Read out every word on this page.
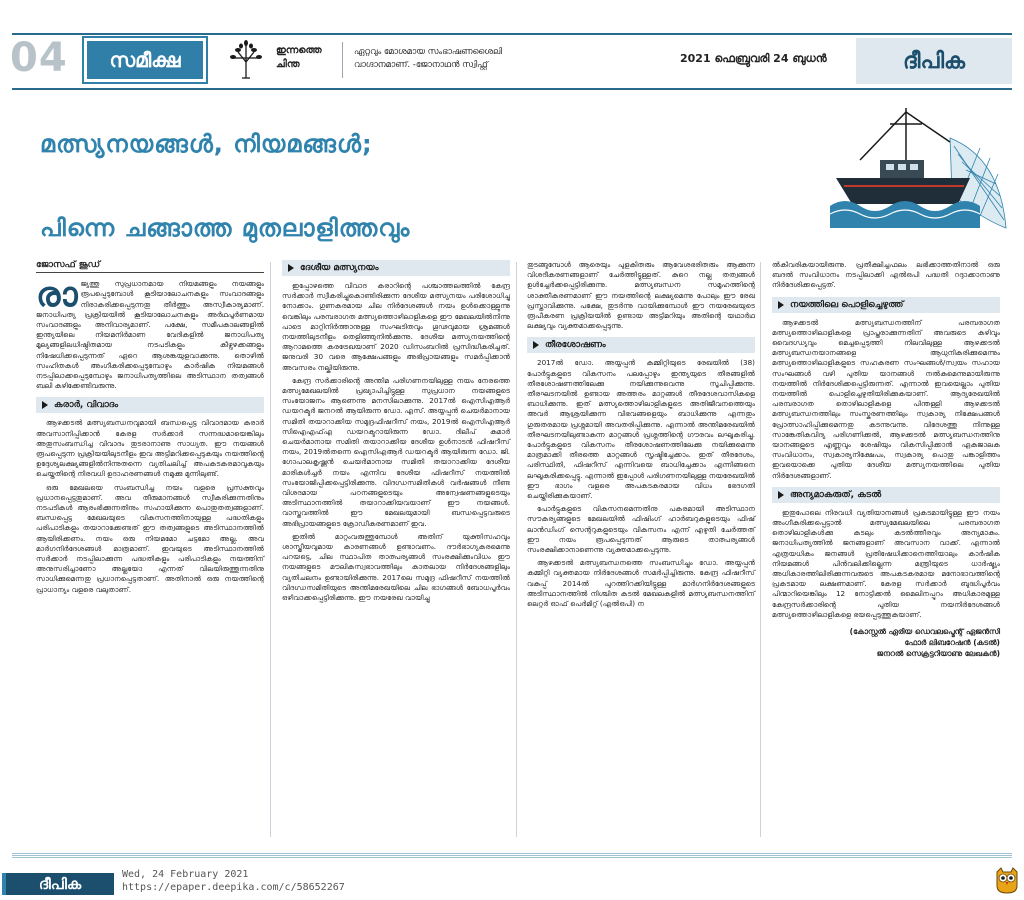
04	സമീക്ഷ	ഇന്നത്തെ
ചിന്ത
ഏറ്റവും മോശമായ സംഭാഷണശൈലി
വാഗ്ദാനമാണ്. -ജോനാഥൻ സ്വിഫ്റ്റ്	2021 ഫെബ്രുവരി 24 ബുധൻ	ദീപിക
മത്സ്യനയങ്ങൾ, നിയമങ്ങൾ;
പിന്നെ ചങ്ങാത്ത മുതലാളിത്തവും
ജോസഫ് ജൂഡ്

രാജ്യത്തു സുപ്രധാനമായ നിയമങ്ങളും നയങ്ങളും രൂപപ്പെടുമ്പോൾ കൂടിയാലോചനകളും സംവാദങ്ങളും നിരാകരിക്കപ്പെടുന്നതു തീർത്തും അസ്വീകാര്യമാണ്. ജനാധിപത്യ പ്രക്രിയയിൽ കൂടിയാലോചനകളും അർഥപൂർണമായ സംവാദങ്ങളും അനിവാര്യമാണ്. പക്ഷേ, സമീപകാലങ്ങളിൽ ഇന്ത്യയിലെ നിയമനിർമാണ വേദികളിൽ ജനാധിപത്യ മൂല്യങ്ങളിലധിഷ്ഠിതമായ നടപടികളും കീഴ്വഴക്കങ്ങളും നിഷേധിക്കപ്പെടുന്നത് ഏറെ ആശങ്കയുളവാക്കുന്നു. തൊഴിൽ സംഹിതകൾ അംഗീകരിക്കപ്പെടുമ്പോഴും കാർഷിക നിയമങ്ങൾ നടപ്പിലാക്കപ്പെടുമ്പോഴും ജനാധിപത്യത്തിലെ അടിസ്ഥാന തത്വങ്ങൾ ബലി കഴിക്കേണ്ടിവരുന്നു.

കരാർ, വിവാദം

ആഴക്കടൽ മത്സ്യബന്ധനവുമായി ബന്ധപ്പെട്ട വിവാദമായ കരാർ അവസാനിപ്പിക്കാൻ കേരള സർക്കാർ സന്നദ്ധമായെങ്കിലും അതുസംബന്ധിച്ച വിവാദം തുടരാനാണു സാധ്യത. ഈ നയങ്ങൾ രൂപപ്പെടുന്ന പ്രക്രിയയിലുടനീളം ഇവ അട്ടിമറിക്കപ്പെടുകയും നയത്തിന്റെ ഉദ്ദേശ്യലക്ഷ്യങ്ങളിൽനിന്നുതന്നെ വ്യതിചലിച്ച് അപകടകരമാവുകയും ചെയ്തതിന്റെ നിരവധി ഉദാഹരണങ്ങൾ നമുക്കു മുന്നിലുണ്ട്.

ഒരു മേഖലയെ സംബന്ധിച്ച നയം വളരെ പ്രസക്തവും പ്രധാനപ്പെട്ടതുമാണ്. അവ തീരുമാനങ്ങൾ സ്വീകരിക്കുന്നതിനും നടപടികൾ ആരംഭിക്കുന്നതിനും സഹായിക്കുന്ന പൊതുതത്വങ്ങളാണ്. ബന്ധപ്പെട്ട മേഖലയുടെ വികസനത്തിനായുള്ള പദ്ധതികളും പരിപാടികളും തയാറാക്കേണ്ടത് ഈ തത്വങ്ങളുടെ അടിസ്ഥാനത്തിൽ ആയിരിക്കണം. നയം ഒരു നിയമമോ ചട്ടമോ അല്ല. അവ മാർഗനിർദേശങ്ങൾ മാത്രമാണ്. ഇവയുടെ അടിസ്ഥാനത്തിൽ സർക്കാർ നടപ്പിലാക്കുന്ന പദ്ധതികളും പരിപാടികളും നയത്തിന് അനുസരിച്ചാണോ അല്ലയോ എന്നത് വിലയിരുത്തുന്നതിനു സാധിക്കുമെന്നതു പ്രധാനപ്പെട്ടതാണ്. അതിനാൽ ഒരു നയത്തിന്റെ പ്രാധാന്യം വളരെ വലുതാണ്.

ദേശീയ മത്സ്യനയം

ഇപ്പോഴത്തെ വിവാദ കരാറിന്റെ പശ്ചാത്തലത്തിൽ കേന്ദ്ര സർക്കാർ സ്വീകരിച്ചുകൊണ്ടിരിക്കുന്ന ദേശീയ മത്സ്യനയം പരിശോധിച്ചു നോക്കാം. ഗുണകരമായ ചില നിർദേശങ്ങൾ നയം ഉൾക്കൊള്ളുന്നു വെങ്കിലും പരമ്പരാഗത മത്സ്യത്തൊഴിലാളികളെ ഈ മേഖലയിൽനിന്നു പാടെ മാറ്റിനിർത്താനുള്ള സംഘടിതവും ഗൂഢവുമായ ശ്രമങ്ങൾ നയത്തിലുടനീളം തെളിഞ്ഞുനിൽക്കുന്നു. ദേശീയ മത്സ്യനയത്തിന്റെ ആറാമത്തെ കരട്രേഖയാണ് 2020 ഡിസംബറിൽ പ്രസിദ്ധീകരിച്ചത്. ജനുവരി 30 വരെ ആക്ഷേപങ്ങളും അഭിപ്രായങ്ങളും സമർപ്പിക്കാൻ അവസരം നല്കിയിരുന്നു.

കേന്ദ്ര സർക്കാരിന്റെ അന്തിമ പരിഗണനയിലുള്ള നയം നേരത്തെ മത്സ്യമേഖലയിൽ പ്രഖ്യാപിച്ചിട്ടുള്ള സുപ്രധാന നയങ്ങളുടെ സംയോജനം ആണെന്നു മനസിലാക്കുന്നു. 2017ൽ ഐസിഎആർ ഡയറക്ടർ ജനറൽ ആയിരുന്ന ഡോ. എസ്. അയ്യപ്പൻ ചെയർമാനായ സമിതി തയാറാക്കിയ സമുദ്രഫിഷറീസ് നയം, 2019ൽ ഐസിഎആർ സിഐഎഫ്എ ഡയറക്ടറായിരുന്ന ഡോ. ദിലീപ് കുമാർ ചെയർമാനായ സമിതി തയാറാക്കിയ ദേശീയ ഉൾനാടൻ ഫിഷറീസ് നയം, 2019ൽതന്നെ ഐസിഎആർ ഡയറക്ടർ ആയിരുന്ന ഡോ. ജി. ഗോപാലകൃഷ്ണൻ ചെയർമാനായ സമിതി തയാറാക്കിയ ദേശീയ മാരികൾച്ചർ നയം എന്നിവ ദേശീയ ഫിഷറീസ് നയത്തിൽ സംയോജിപ്പിക്കപ്പെട്ടിരിക്കുന്നു. വിദഗ്ധസമിതികൾ വർഷങ്ങൾ നീണ്ട വിശദമായ പഠനങ്ങളുടെയും അന്വേഷണങ്ങളുടെയും അടിസ്ഥാനത്തിൽ തയാറാക്കിയവയാണ് ഈ നയങ്ങൾ. വാസ്തവത്തിൽ ഈ മേഖലയുമായി ബന്ധപ്പെട്ടവരുടെ അഭിപ്രായങ്ങളുടെ ക്രോഡീകരണമാണ് ഇവ.

ഇതിൽ മാറ്റംവരുത്തുമ്പോൾ അതിന് യുക്തിസഹവും ശാസ്ത്രീയവുമായ കാരണങ്ങൾ ഉണ്ടാവണം. ദൗർഭാഗ്യകരമെന്നു പറയട്ടെ, ചില സ്ഥാപിത താത്പര്യങ്ങൾ സംരക്ഷിക്കുംവിധം ഈ നയങ്ങളുടെ മൗലികസ്വഭാവത്തിലും കാതലായ നിർദേശങ്ങളിലും വ്യതിചലനം ഉണ്ടായിരിക്കുന്നു. 2017ലെ സമുദ്ര ഫിഷറീസ് നയത്തിൽ വിദഗ്ധസമിതിയുടെ അന്തിമരേഖയിലെ ചില ഭാഗങ്ങൾ ബോധപൂർവം ഒഴിവാക്കപ്പെട്ടിരിക്കുന്നു. ഈ നയരേഖ വായിച്ചു

തുടങ്ങുമ്പോൾ ആരെയും പുളകിതരും ആവേശഭരിതരും ആക്കുന്ന വിശദീകരണങ്ങളാണ് ചേർത്തിട്ടുള്ളത്. കുറെ നല്ല തത്വങ്ങൾ ഉൾച്ചേർക്കപ്പെട്ടിരിക്കുന്നു. മത്സ്യബന്ധന സമൂഹത്തിന്റെ ശാക്തീകരണമാണ് ഈ നയത്തിന്റെ ലക്ഷ്യമെന്നു പോലും ഈ രേഖ പ്രസ്താവിക്കുന്നു. പക്ഷേ, തുടർന്നു വായിക്കുമ്പോൾ ഈ നയരേഖയുടെ രൂപീകരണ പ്രക്രിയയിൽ ഉണ്ടായ അട്ടിമറിയും അതിന്റെ യഥാർഥ ലക്ഷ്യവും വ്യക്തമാക്കപ്പെടുന്നു.

തീരശോഷണം

2017ൽ ഡോ. അയ്യപ്പൻ കമ്മിറ്റിയുടെ രേഖയിൽ (38) പോർട്ടുകളുടെ വികസനം പലപ്പോഴും ഇന്ത്യയുടെ തീരങ്ങളിൽ തീരശോഷണത്തിലേക്കു നയിക്കുന്നുവെന്നു സൂചിപ്പിക്കുന്നു. തീരഘടനയിൽ ഉണ്ടായ അത്തരം മാറ്റങ്ങൾ തീരദേശവാസികളെ ബാധിക്കുന്നു. ഇത് മത്സ്യത്തൊഴിലാളികളുടെ അതിജീവനത്തെയും അവർ ആശ്രയിക്കുന്ന വിഭവങ്ങളെയും ബാധിക്കുന്നു എന്നതും ഗുരുതരമായ പ്രശ്നമായി അവതരിപ്പിക്കുന്നു. എന്നാൽ അന്തിമരേഖയിൽ തീരഘടനയിലുണ്ടാകുന്ന മാറ്റങ്ങൾ പ്രശ്നത്തിന്റെ ഗൗരവം ലഘൂകരിച്ചു. പോർട്ടുകളുടെ വികസനം തീരശോഷണത്തിലേക്കു നയിക്കുമെന്നു മാത്രമാക്കി തീരത്തെ മാറ്റങ്ങൾ സൃഷ്ടിച്ചേക്കാം. ഇത് തീരദേശം, പരിസ്ഥിതി, ഫിഷറീസ് എന്നിവയെ ബാധിച്ചേക്കാം എന്നിങ്ങനെ ലഘൂകരിക്കപ്പെട്ടു. എന്നാൽ ഇപ്പോൾ പരിഗണനയിലുള്ള നയരേഖയിൽ ഈ ഭാഗം വളരെ അപകടകരമായ വിധം ഭേദഗതി ചെയ്തിരിക്കുകയാണ്.

പോർട്ടുകളുടെ വികസനമെന്നതിനു പകരമായി അടിസ്ഥാന സൗകര്യങ്ങളുടെ മേഖലയിൽ ഫിഷിംഗ് ഹാർബറുകളുടെയും ഫിഷ് ലാൻഡിംഗ് സെന്ററുകളുടെയും വികസനം എന്ന് എഴുതി ചേർത്തത് ഈ നയം രൂപപ്പെടുന്നത് ആരുടെ താത്പര്യങ്ങൾ സംരക്ഷിക്കാനാണെന്നു വ്യക്തമാക്കപ്പെടുന്നു.

ആഴക്കടൽ മത്സ്യബന്ധനത്തെ സംബന്ധിച്ചും ഡോ. അയ്യപ്പൻ കമ്മിറ്റി വ്യക്തമായ നിർദേശങ്ങൾ സമർപ്പിച്ചിരുന്നു. കേന്ദ്ര ഫിഷറീസ് വകുപ്പ് 2014ൽ പുറത്തിറക്കിയിട്ടുള്ള മാർഗനിർദേശങ്ങളുടെ അടിസ്ഥാനത്തിൽ നിശ്ചിത കടൽ മേഖലകളിൽ മത്സ്യബന്ധനത്തിന് ലെറ്റർ ഓഫ് പെർമിറ്റ് (എൽഒപി) ന

ൽകിവരികയായിരുന്നു. പ്രതീക്ഷിച്ചഫലം ലഭിക്കാത്തതിനാൽ ഒരു ബദൽ സംവിധാനം നടപ്പിലാക്കി എൽഒപി പദ്ധതി റദ്ദാക്കാനാണു നിർദേശിക്കപ്പെട്ടത്.

നയത്തിലെ പൊളിച്ചെഴുത്ത്

ആഴക്കടൽ മത്സ്യബന്ധനത്തിന് പരമ്പരാഗത മത്സ്യത്തൊഴിലാളികളെ പ്രാപ്തരാക്കുന്നതിന് അവരുടെ കഴിവും വൈദഗ്ധ്യവും മെച്ചപ്പെടുത്തി നിലവിലുള്ള ആഴക്കടൽ മത്സ്യബന്ധനയാനങ്ങളെ ആധുനികരിക്കുമെന്നും മത്സ്യത്തൊഴിലാളികളുടെ സഹകരണ സംഘങ്ങൾ/സ്വയം സഹായ സംഘങ്ങൾ വഴി പുതിയ യാനങ്ങൾ നൽകുമെന്നുമായിരുന്നു നയത്തിൽ നിർദേശിക്കപ്പെട്ടിരുന്നത്. എന്നാൽ ഇവയെല്ലാം പുതിയ നയത്തിൽ പൊളിച്ചെഴുതിയിരിക്കുകയാണ്. ആദ്യരേഖയിൽ പരമ്പരാഗത തൊഴിലാളികളെ പിന്തള്ളി ആഴക്കടൽ മത്സ്യബന്ധനത്തിലും സംസ്കരണത്തിലും സ്വകാര്യ നിക്ഷേപങ്ങൾ പ്രോത്സാഹിപ്പിക്കുമെന്നതു കടന്നുവന്നു. വിദേശത്തു നിന്നുള്ള സാങ്കേതികവിദ്യ പരിഗണിക്കൽ, ആഴക്കടൽ മത്സ്യബന്ധനത്തിനു യാനങ്ങളുടെ എണ്ണവും ശേഷിയും വികസിപ്പിക്കാൻ ഏകജാലക സംവിധാനം, സ്വകാര്യനിക്ഷേപം, സ്വകാര്യ പൊതു പങ്കാളിത്തം ഇവയൊക്കെ പുതിയ ദേശീയ മത്സ്യനയത്തിലെ പുതിയ നിർദേശങ്ങളാണ്.

അന്യമാകരുത്, കടൽ

ഇതുപോലെ നിരവധി വ്യതിയാനങ്ങൾ പ്രകടമായിട്ടുള്ള ഈ നയം അംഗീകരിക്കപ്പെട്ടാൽ മത്സ്യമേഖലയിലെ പരമ്പരാഗത തൊഴിലാളികൾക്കു കടലും കടൽത്തീരവും അന്യമാകും. ജനാധിപത്യത്തിൽ ജനങ്ങളാണ് അവസാന വാക്ക്. എന്നാൽ എത്രയധികം ജനങ്ങൾ പ്രതിഷേധിക്കാനെത്തിയാലും കാർഷിക നിയമങ്ങൾ പിൻവലിക്കില്ലെന്ന മന്ത്രിയുടെ ധാർഷ്ട്യം അധികാരത്തിലിരിക്കുന്നവരുടെ അപകടകരമായ മനോഭാവത്തിന്റെ പ്രകടമായ ലക്ഷണമാണ്. കേരള സർക്കാർ ബുദ്ധിപൂർവം പിന്മാറിയെങ്കിലും 12 നോട്ടിക്കൽ മൈലിനപ്പുറം അധികാരമുള്ള കേന്ദ്രസർക്കാരിന്റെ പുതിയ നയനിർദേശങ്ങൾ മത്സ്യത്തൊഴിലാളികളെ ഭയപ്പെടുത്തുകയാണ്.

(കോസ്റ്റൽ ഏരിയ ഡെവലപ്മെന്റ് ഏജൻസി
ഫോർ ലിബറേഷൻ (കടൽ)
ജനറൽ സെക്രട്ടറിയാണു ലേഖകൻ)
ദീപിക
Wed, 24 February 2021
https://epaper.deepika.com/c/58652267
